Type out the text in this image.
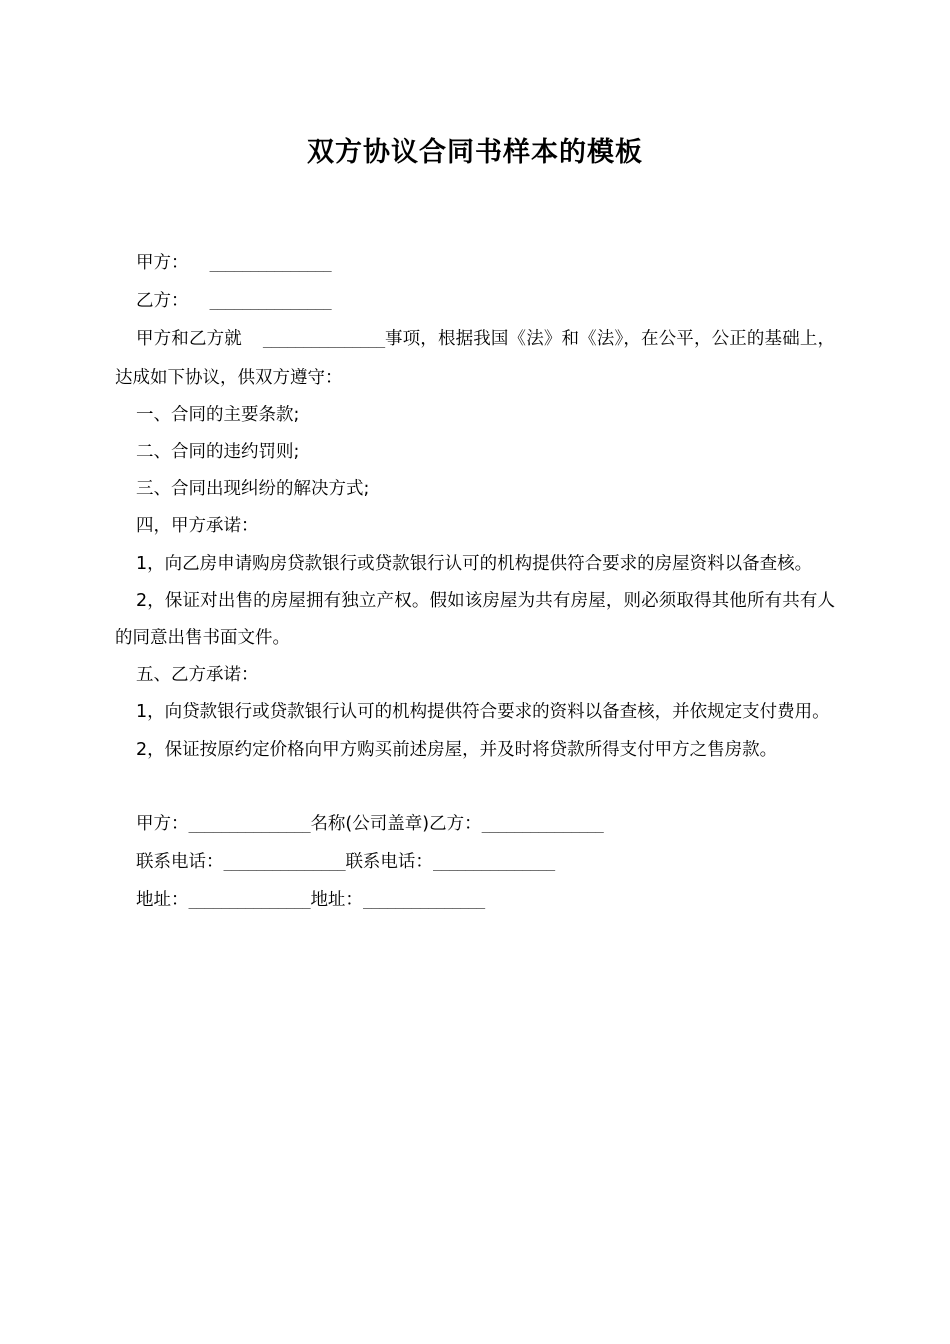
双方协议合同书样本的模板

甲方： _______________

乙方： _______________

甲方和乙方就 _______________事项，根据我国《法》和《法》，在公平，公正的基础上，达成如下协议，供双方遵守：

一、合同的主要条款;

二、合同的违约罚则;

三、合同出现纠纷的解决方式;

四，甲方承诺：

1，向乙房申请购房贷款银行或贷款银行认可的机构提供符合要求的房屋资料以备查核。

2，保证对出售的房屋拥有独立产权。假如该房屋为共有房屋，则必须取得其他所有共有人的同意出售书面文件。

五、乙方承诺：

1，向贷款银行或贷款银行认可的机构提供符合要求的资料以备查核，并依规定支付费用。

2，保证按原约定价格向甲方购买前述房屋，并及时将贷款所得支付甲方之售房款。

甲方：_______________名称(公司盖章)乙方：_______________

联系电话：_______________联系电话：_______________

地址：_______________地址：_______________
